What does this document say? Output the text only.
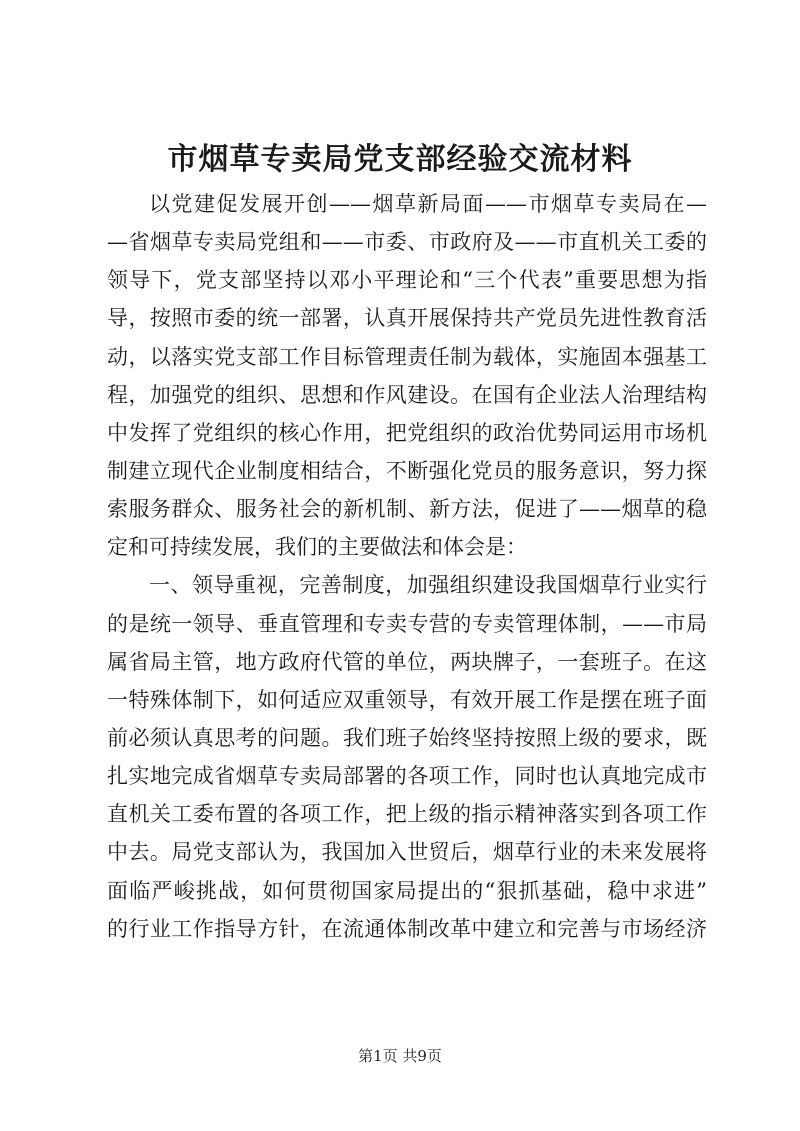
市烟草专卖局党支部经验交流材料
以党建促发展开创——烟草新局面——市烟草专卖局在—
—省烟草专卖局党组和——市委、市政府及——市直机关工委的
领导下，党支部坚持以邓小平理论和“三个代表”重要思想为指
导，按照市委的统一部署，认真开展保持共产党员先进性教育活
动，以落实党支部工作目标管理责任制为载体，实施固本强基工
程，加强党的组织、思想和作风建设。在国有企业法人治理结构
中发挥了党组织的核心作用，把党组织的政治优势同运用市场机
制建立现代企业制度相结合，不断强化党员的服务意识，努力探
索服务群众、服务社会的新机制、新方法，促进了——烟草的稳
定和可持续发展，我们的主要做法和体会是：
一、领导重视，完善制度，加强组织建设我国烟草行业实行
的是统一领导、垂直管理和专卖专营的专卖管理体制，——市局
属省局主管，地方政府代管的单位，两块牌子，一套班子。在这
一特殊体制下，如何适应双重领导，有效开展工作是摆在班子面
前必须认真思考的问题。我们班子始终坚持按照上级的要求，既
扎实地完成省烟草专卖局部署的各项工作，同时也认真地完成市
直机关工委布置的各项工作，把上级的指示精神落实到各项工作
中去。局党支部认为，我国加入世贸后，烟草行业的未来发展将
面临严峻挑战，如何贯彻国家局提出的“狠抓基础，稳中求进”
的行业工作指导方针，在流通体制改革中建立和完善与市场经济
第1页 共9页
